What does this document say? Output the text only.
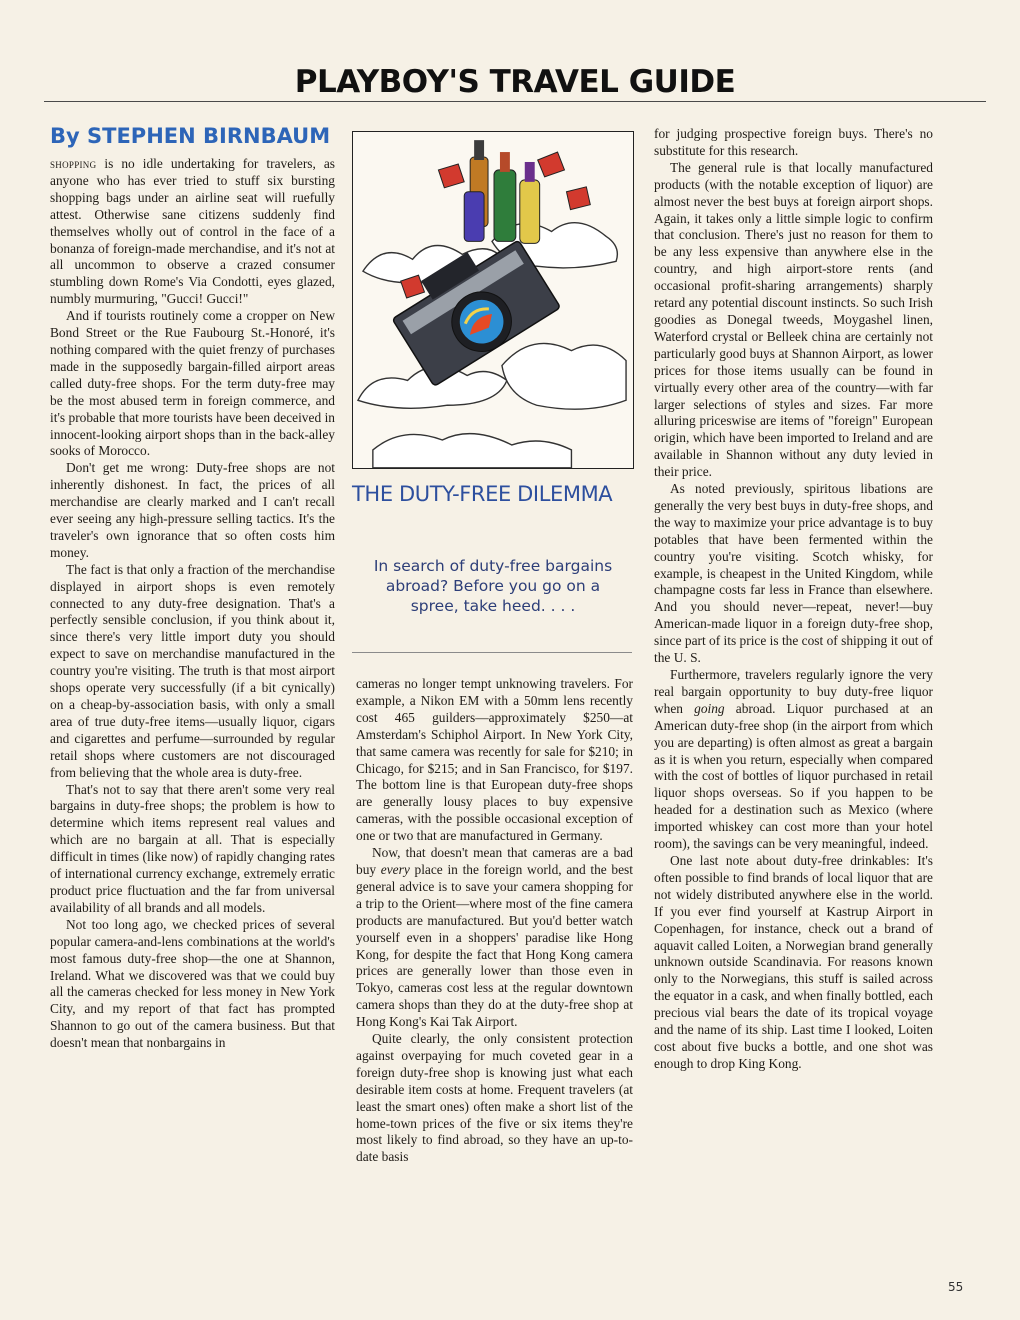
PLAYBOY'S TRAVEL GUIDE
By STEPHEN BIRNBAUM

shopping is no idle undertaking for travelers, as anyone who has ever tried to stuff six bursting shopping bags under an airline seat will ruefully attest. Otherwise sane citizens suddenly find themselves wholly out of control in the face of a bonanza of foreign-made merchandise, and it's not at all uncommon to observe a crazed consumer stumbling down Rome's Via Condotti, eyes glazed, numbly murmuring, "Gucci! Gucci!"

And if tourists routinely come a cropper on New Bond Street or the Rue Faubourg St.-Honoré, it's nothing compared with the quiet frenzy of purchases made in the supposedly bargain-filled airport areas called duty-free shops. For the term duty-free may be the most abused term in foreign commerce, and it's probable that more tourists have been deceived in innocent-looking airport shops than in the back-alley sooks of Morocco.

Don't get me wrong: Duty-free shops are not inherently dishonest. In fact, the prices of all merchandise are clearly marked and I can't recall ever seeing any high-pressure selling tactics. It's the traveler's own ignorance that so often costs him money.

The fact is that only a fraction of the merchandise displayed in airport shops is even remotely connected to any duty-free designation. That's a perfectly sensible conclusion, if you think about it, since there's very little import duty you should expect to save on merchandise manufactured in the country you're visiting. The truth is that most airport shops operate very successfully (if a bit cynically) on a cheap-by-association basis, with only a small area of true duty-free items—usually liquor, cigars and cigarettes and perfume—surrounded by regular retail shops where customers are not discouraged from believing that the whole area is duty-free.

That's not to say that there aren't some very real bargains in duty-free shops; the problem is how to determine which items represent real values and which are no bargain at all. That is especially difficult in times (like now) of rapidly changing rates of international currency exchange, extremely erratic product price fluctuation and the far from universal availability of all brands and all models.

Not too long ago, we checked prices of several popular camera-and-lens combinations at the world's most famous duty-free shop—the one at Shannon, Ireland. What we discovered was that we could buy all the cameras checked for less money in New York City, and my report of that fact has prompted Shannon to go out of the camera business. But that doesn't mean that nonbargains in

THE DUTY-FREE DILEMMA
In search of duty-free bargains abroad? Before you go on a spree, take heed. . . .

cameras no longer tempt unknowing travelers. For example, a Nikon EM with a 50mm lens recently cost 465 guilders—approximately $250—at Amsterdam's Schiphol Airport. In New York City, that same camera was recently for sale for $210; in Chicago, for $215; and in San Francisco, for $197. The bottom line is that European duty-free shops are generally lousy places to buy expensive cameras, with the possible occasional exception of one or two that are manufactured in Germany.

Now, that doesn't mean that cameras are a bad buy every place in the foreign world, and the best general advice is to save your camera shopping for a trip to the Orient—where most of the fine camera products are manufactured. But you'd better watch yourself even in a shoppers' paradise like Hong Kong, for despite the fact that Hong Kong camera prices are generally lower than those even in Tokyo, cameras cost less at the regular downtown camera shops than they do at the duty-free shop at Hong Kong's Kai Tak Airport.

Quite clearly, the only consistent protection against overpaying for much coveted gear in a foreign duty-free shop is knowing just what each desirable item costs at home. Frequent travelers (at least the smart ones) often make a short list of the home-town prices of the five or six items they're most likely to find abroad, so they have an up-to-date basis

for judging prospective foreign buys. There's no substitute for this research.

The general rule is that locally manufactured products (with the notable exception of liquor) are almost never the best buys at foreign airport shops. Again, it takes only a little simple logic to confirm that conclusion. There's just no reason for them to be any less expensive than anywhere else in the country, and high airport-store rents (and occasional profit-sharing arrangements) sharply retard any potential discount instincts. So such Irish goodies as Donegal tweeds, Moygashel linen, Waterford crystal or Belleek china are certainly not particularly good buys at Shannon Airport, as lower prices for those items usually can be found in virtually every other area of the country—with far larger selections of styles and sizes. Far more alluring priceswise are items of "foreign" European origin, which have been imported to Ireland and are available in Shannon without any duty levied in their price.

As noted previously, spiritous libations are generally the very best buys in duty-free shops, and the way to maximize your price advantage is to buy potables that have been fermented within the country you're visiting. Scotch whisky, for example, is cheapest in the United Kingdom, while champagne costs far less in France than elsewhere. And you should never—repeat, never!—buy American-made liquor in a foreign duty-free shop, since part of its price is the cost of shipping it out of the U. S.

Furthermore, travelers regularly ignore the very real bargain opportunity to buy duty-free liquor when going abroad. Liquor purchased at an American duty-free shop (in the airport from which you are departing) is often almost as great a bargain as it is when you return, especially when compared with the cost of bottles of liquor purchased in retail liquor shops overseas. So if you happen to be headed for a destination such as Mexico (where imported whiskey can cost more than your hotel room), the savings can be very meaningful, indeed.

One last note about duty-free drinkables: It's often possible to find brands of local liquor that are not widely distributed anywhere else in the world. If you ever find yourself at Kastrup Airport in Copenhagen, for instance, check out a brand of aquavit called Loiten, a Norwegian brand generally unknown outside Scandinavia. For reasons known only to the Norwegians, this stuff is sailed across the equator in a cask, and when finally bottled, each precious vial bears the date of its tropical voyage and the name of its ship. Last time I looked, Loiten cost about five bucks a bottle, and one shot was enough to drop King Kong.

55
